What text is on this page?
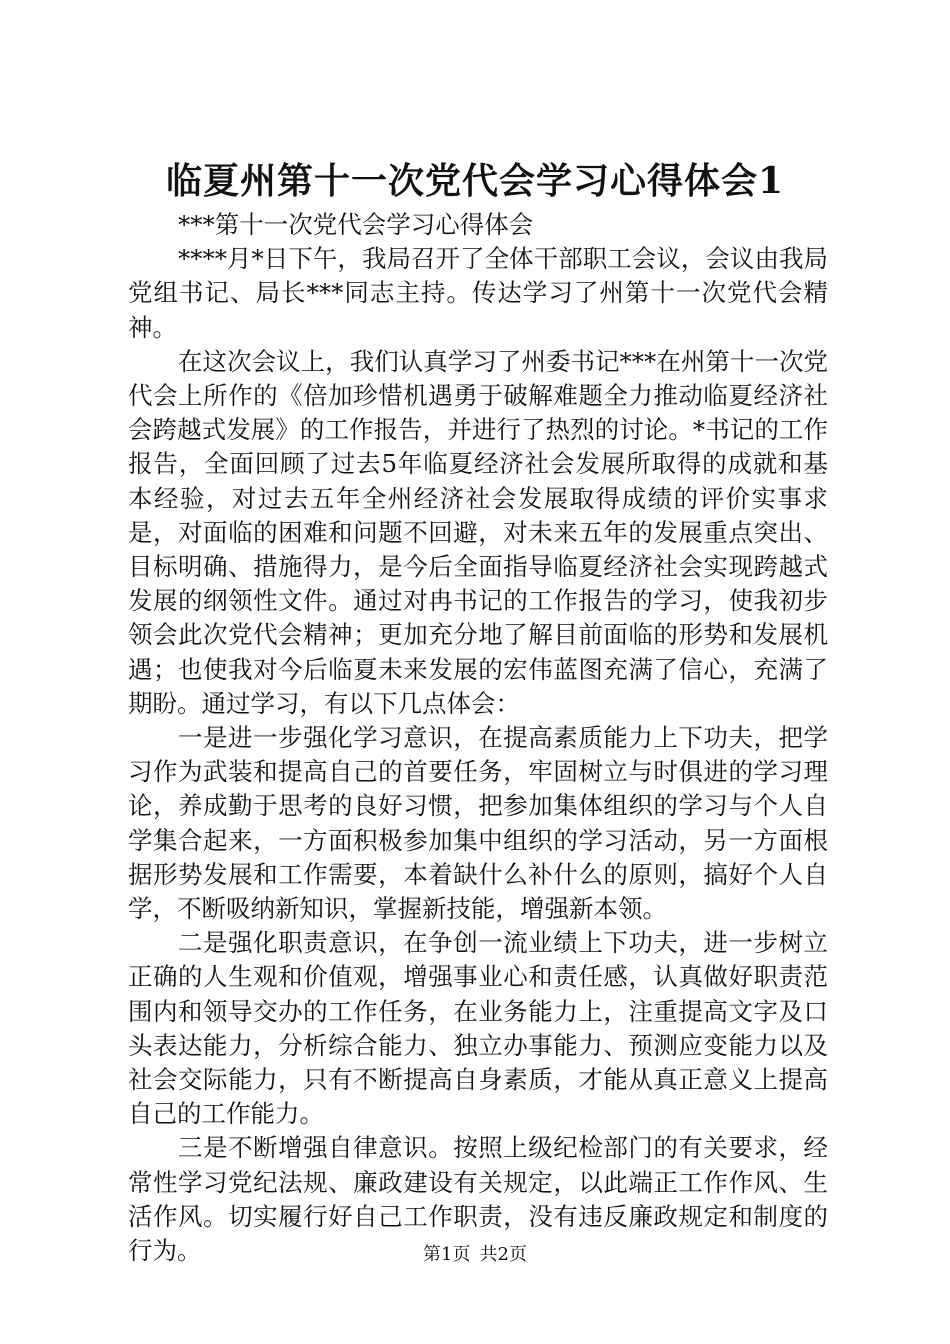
临夏州第十一次党代会学习心得体会1

***第十一次党代会学习心得体会

****月*日下午，我局召开了全体干部职工会议，会议由我局党组书记、局长***同志主持。传达学习了州第十一次党代会精神。

在这次会议上，我们认真学习了州委书记***在州第十一次党代会上所作的《倍加珍惜机遇勇于破解难题全力推动临夏经济社会跨越式发展》的工作报告，并进行了热烈的讨论。*书记的工作报告，全面回顾了过去5年临夏经济社会发展所取得的成就和基本经验，对过去五年全州经济社会发展取得成绩的评价实事求是，对面临的困难和问题不回避，对未来五年的发展重点突出、目标明确、措施得力，是今后全面指导临夏经济社会实现跨越式发展的纲领性文件。通过对冉书记的工作报告的学习，使我初步领会此次党代会精神；更加充分地了解目前面临的形势和发展机遇；也使我对今后临夏未来发展的宏伟蓝图充满了信心，充满了期盼。通过学习，有以下几点体会：

一是进一步强化学习意识，在提高素质能力上下功夫，把学习作为武装和提高自己的首要任务，牢固树立与时俱进的学习理论，养成勤于思考的良好习惯，把参加集体组织的学习与个人自学集合起来，一方面积极参加集中组织的学习活动，另一方面根据形势发展和工作需要，本着缺什么补什么的原则，搞好个人自学，不断吸纳新知识，掌握新技能，增强新本领。

二是强化职责意识，在争创一流业绩上下功夫，进一步树立正确的人生观和价值观，增强事业心和责任感，认真做好职责范围内和领导交办的工作任务，在业务能力上，注重提高文字及口头表达能力，分析综合能力、独立办事能力、预测应变能力以及社会交际能力，只有不断提高自身素质，才能从真正意义上提高自己的工作能力。

三是不断增强自律意识。按照上级纪检部门的有关要求，经常性学习党纪法规、廉政建设有关规定，以此端正工作作风、生活作风。切实履行好自己工作职责，没有违反廉政规定和制度的行为。	第1页  共2页
